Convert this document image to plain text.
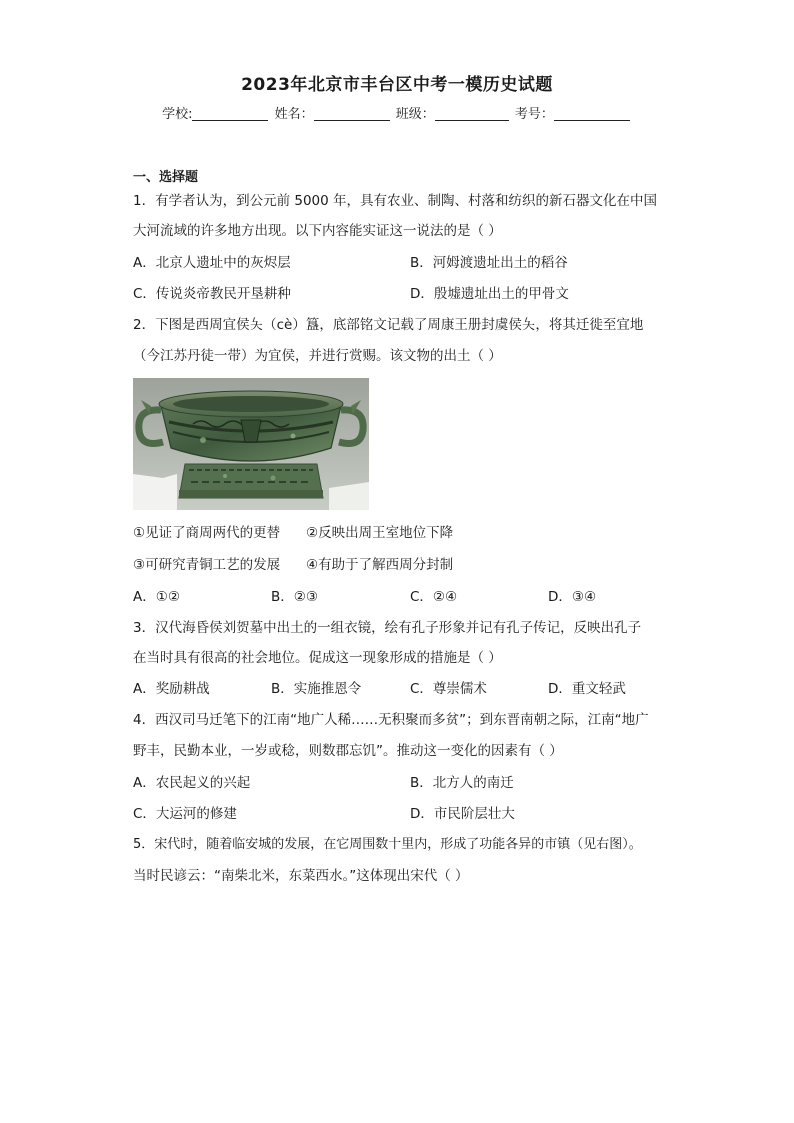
2023年北京市丰台区中考一模历史试题
学校:	姓名：	班级：	考号：
一、选择题
1．有学者认为，到公元前 5000 年，具有农业、制陶、村落和纺织的新石器文化在中国
大河流域的许多地方出现。以下内容能实证这一说法的是（ ）
A．北京人遗址中的灰烬层	B．河姆渡遗址出土的稻谷
C．传说炎帝教民开垦耕种	D．殷墟遗址出土的甲骨文
2．下图是西周宜侯夨（cè）簋，底部铭文记载了周康王册封虞侯夨，将其迁徙至宜地
（今江苏丹徒一带）为宜侯，并进行赏赐。该文物的出土（ ）
①见证了商周两代的更替 ②反映出周王室地位下降
③可研究青铜工艺的发展 ④有助于了解西周分封制
A．①②	B．②③	C．②④	D．③④
3．汉代海昏侯刘贺墓中出土的一组衣镜，绘有孔子形象并记有孔子传记，反映出孔子
在当时具有很高的社会地位。促成这一现象形成的措施是（ ）
A．奖励耕战	B．实施推恩令	C．尊崇儒术	D．重文轻武
4．西汉司马迁笔下的江南“地广人稀……无积聚而多贫”；到东晋南朝之际，江南“地广
野丰，民勤本业，一岁或稔，则数郡忘饥”。推动这一变化的因素有（ ）
A．农民起义的兴起	B．北方人的南迁
C．大运河的修建	D．市民阶层壮大
5．宋代时，随着临安城的发展，在它周围数十里内，形成了功能各异的市镇（见右图）。
当时民谚云：“南柴北米，东菜西水。”这体现出宋代（ ）
